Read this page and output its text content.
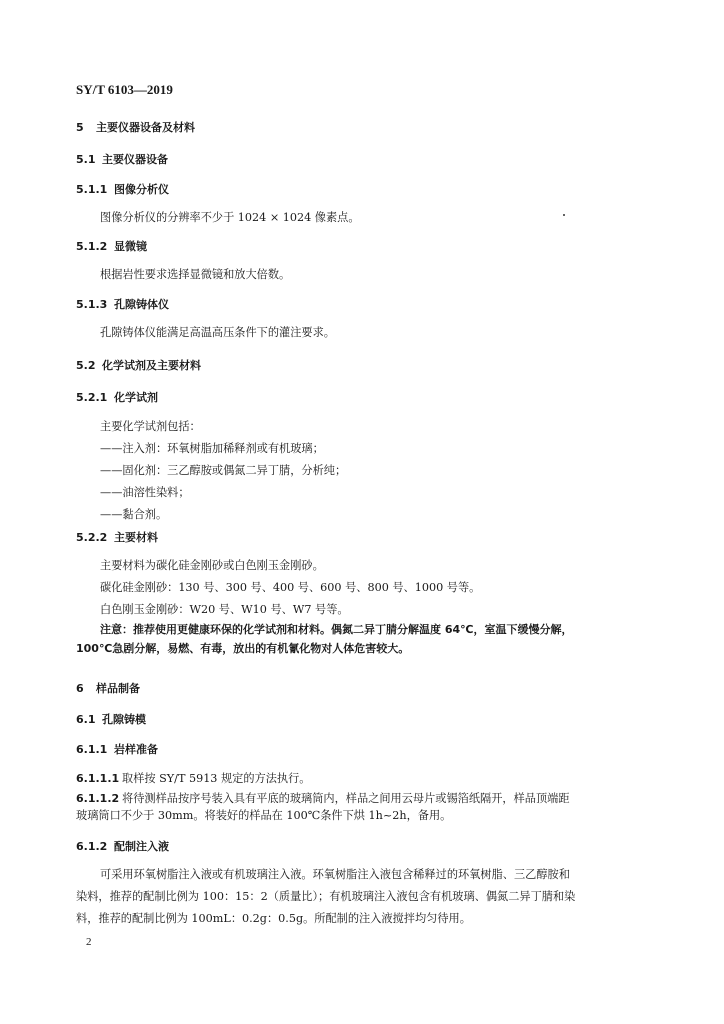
SY/T 6103—2019
5 主要仪器设备及材料
5.1 主要仪器设备
5.1.1 图像分析仪
图像分析仪的分辨率不少于 1024 × 1024 像素点。
5.1.2 显微镜
根据岩性要求选择显微镜和放大倍数。
5.1.3 孔隙铸体仪
孔隙铸体仪能满足高温高压条件下的灌注要求。
5.2 化学试剂及主要材料
5.2.1 化学试剂
主要化学试剂包括：
——注入剂：环氧树脂加稀释剂或有机玻璃；
——固化剂：三乙醇胺或偶氮二异丁腈，分析纯；
——油溶性染料；
——黏合剂。
5.2.2 主要材料
主要材料为碳化硅金刚砂或白色刚玉金刚砂。
碳化硅金刚砂：130 号、300 号、400 号、600 号、800 号、1000 号等。
白色刚玉金刚砂：W20 号、W10 号、W7 号等。
注意：推荐使用更健康环保的化学试剂和材料。偶氮二异丁腈分解温度 64℃，室温下缓慢分解，
100℃急剧分解，易燃、有毒，放出的有机氰化物对人体危害较大。
6 样品制备
6.1 孔隙铸模
6.1.1 岩样准备
6.1.1.1 取样按 SY/T 5913 规定的方法执行。
6.1.1.2 将待测样品按序号装入具有平底的玻璃筒内，样品之间用云母片或锡箔纸隔开，样品顶端距
玻璃筒口不少于 30mm。将装好的样品在 100℃条件下烘 1h~2h，备用。
6.1.2 配制注入液
可采用环氧树脂注入液或有机玻璃注入液。环氧树脂注入液包含稀释过的环氧树脂、三乙醇胺和
染料，推荐的配制比例为 100：15：2（质量比）；有机玻璃注入液包含有机玻璃、偶氮二异丁腈和染
料，推荐的配制比例为 100mL：0.2g：0.5g。所配制的注入液搅拌均匀待用。
2
